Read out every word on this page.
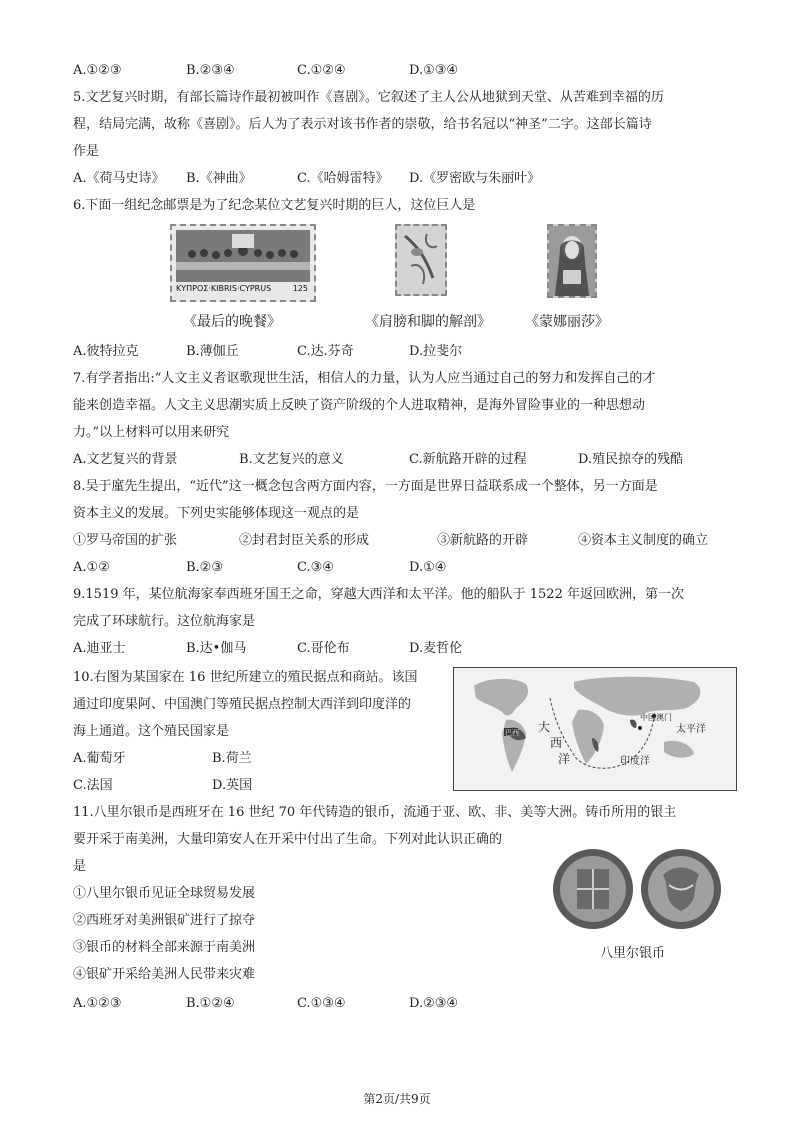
A.①②③	B.②③④	C.①②④	D.①③④
5.文艺复兴时期，有部长篇诗作最初被叫作《喜剧》。它叙述了主人公从地狱到天堂、从苦难到幸福的历
程，结局完满，故称《喜剧》。后人为了表示对该书作者的崇敬，给书名冠以“神圣”二字。这部长篇诗
作是
A.《荷马史诗》 B.《神曲》	C.《哈姆雷特》 D.《罗密欧与朱丽叶》
6.下面一组纪念邮票是为了纪念某位文艺复兴时期的巨人，这位巨人是
ΚΥΠΡΟΣ·KIBRIS·CYPRUS	125
《最后的晚餐》	《肩膀和脚的解剖》 《蒙娜丽莎》
A.彼特拉克	B.薄伽丘	C.达.芬奇	D.拉斐尔
7.有学者指出:“人文主义者讴歌现世生活，相信人的力量，认为人应当通过自己的努力和发挥自己的才
能来创造幸福。人文主义思潮实质上反映了资产阶级的个人进取精神，是海外冒险事业的一种思想动
力。”以上材料可以用来研究
A.文艺复兴的背景	B.文艺复兴的意义	C.新航路开辟的过程	D.殖民掠夺的残酷
8.吴于廑先生提出，“近代”这一概念包含两方面内容，一方面是世界日益联系成一个整体，另一方面是
资本主义的发展。下列史实能够体现这一观点的是
①罗马帝国的扩张	②封君封臣关系的形成	③新航路的开辟	④资本主义制度的确立
A.①②	B.②③	C.③④	D.①④
9.1519 年，某位航海家奉西班牙国王之命，穿越大西洋和太平洋。他的船队于 1522 年返回欧洲，第一次
完成了环球航行。这位航海家是
A.迪亚士	B.达•伽马	C.哥伦布	D.麦哲伦
10.右图为某国家在 16 世纪所建立的殖民据点和商站。该国
通过印度果阿、中国澳门等殖民据点控制大西洋到印度洋的
海上通道。这个殖民国家是
A.葡萄牙	B.荷兰
C.法国	D.英国
大
西
洋
巴西
中国澳门
太平洋
印度洋
11.八里尔银币是西班牙在 16 世纪 70 年代铸造的银币，流通于亚、欧、非、美等大洲。铸币所用的银主
要开采于南美洲，大量印第安人在开采中付出了生命。下列对此认识正确的
是
①八里尔银币见证全球贸易发展
②西班牙对美洲银矿进行了掠夺
③银币的材料全部来源于南美洲
④银矿开采给美洲人民带来灾难
A.①②③	B.①②④	C.①③④	D.②③④
八里尔银币
第2页/共9页
